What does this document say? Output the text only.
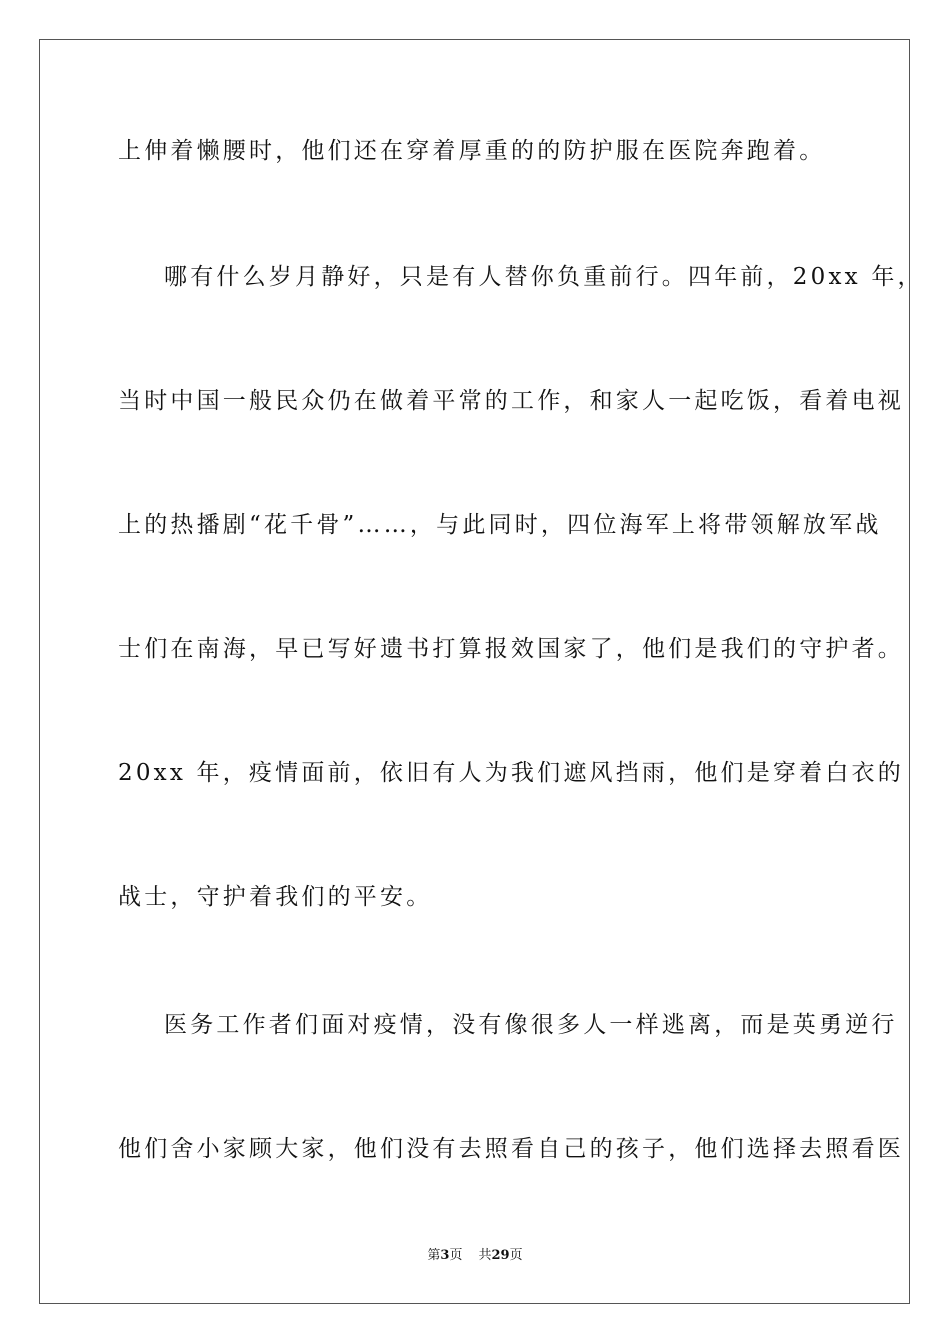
上伸着懒腰时，他们还在穿着厚重的的防护服在医院奔跑着。
哪有什么岁月静好，只是有人替你负重前行。四年前，20xx 年，
当时中国一般民众仍在做着平常的工作，和家人一起吃饭，看着电视
上的热播剧“花千骨”……，与此同时，四位海军上将带领解放军战
士们在南海，早已写好遗书打算报效国家了，他们是我们的守护者。
20xx 年，疫情面前，依旧有人为我们遮风挡雨，他们是穿着白衣的
战士，守护着我们的平安。
医务工作者们面对疫情，没有像很多人一样逃离，而是英勇逆行
他们舍小家顾大家，他们没有去照看自己的孩子，他们选择去照看医
第3页 共29页
